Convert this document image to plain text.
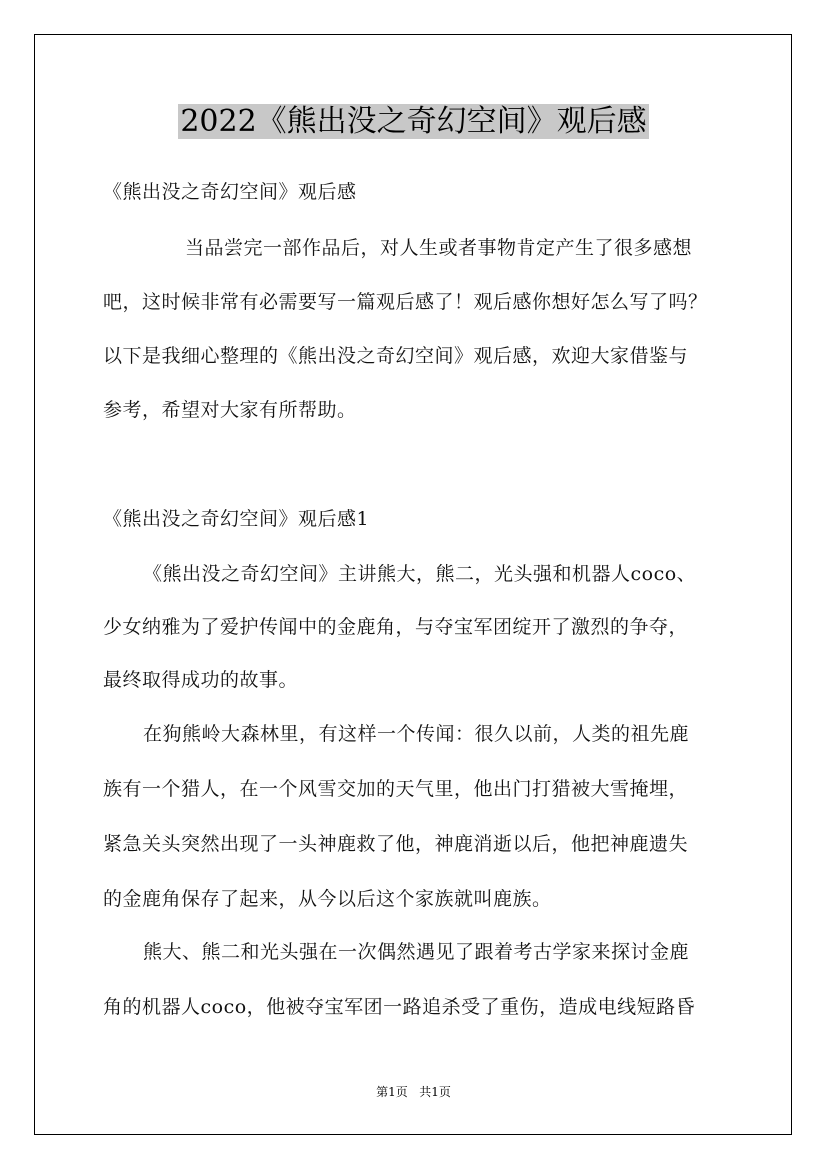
2022《熊出没之奇幻空间》观后感
《熊出没之奇幻空间》观后感
当品尝完一部作品后，对人生或者事物肯定产生了很多感想
吧，这时候非常有必需要写一篇观后感了！观后感你想好怎么写了吗？
以下是我细心整理的《熊出没之奇幻空间》观后感，欢迎大家借鉴与
参考，希望对大家有所帮助。
《熊出没之奇幻空间》观后感1
《熊出没之奇幻空间》主讲熊大，熊二，光头强和机器人coco、
少女纳雅为了爱护传闻中的金鹿角，与夺宝军团绽开了激烈的争夺，
最终取得成功的故事。
在狗熊岭大森林里，有这样一个传闻：很久以前，人类的祖先鹿
族有一个猎人，在一个风雪交加的天气里，他出门打猎被大雪掩埋，
紧急关头突然出现了一头神鹿救了他，神鹿消逝以后，他把神鹿遗失
的金鹿角保存了起来，从今以后这个家族就叫鹿族。
熊大、熊二和光头强在一次偶然遇见了跟着考古学家来探讨金鹿
角的机器人coco，他被夺宝军团一路追杀受了重伤，造成电线短路昏
第1页 共1页
